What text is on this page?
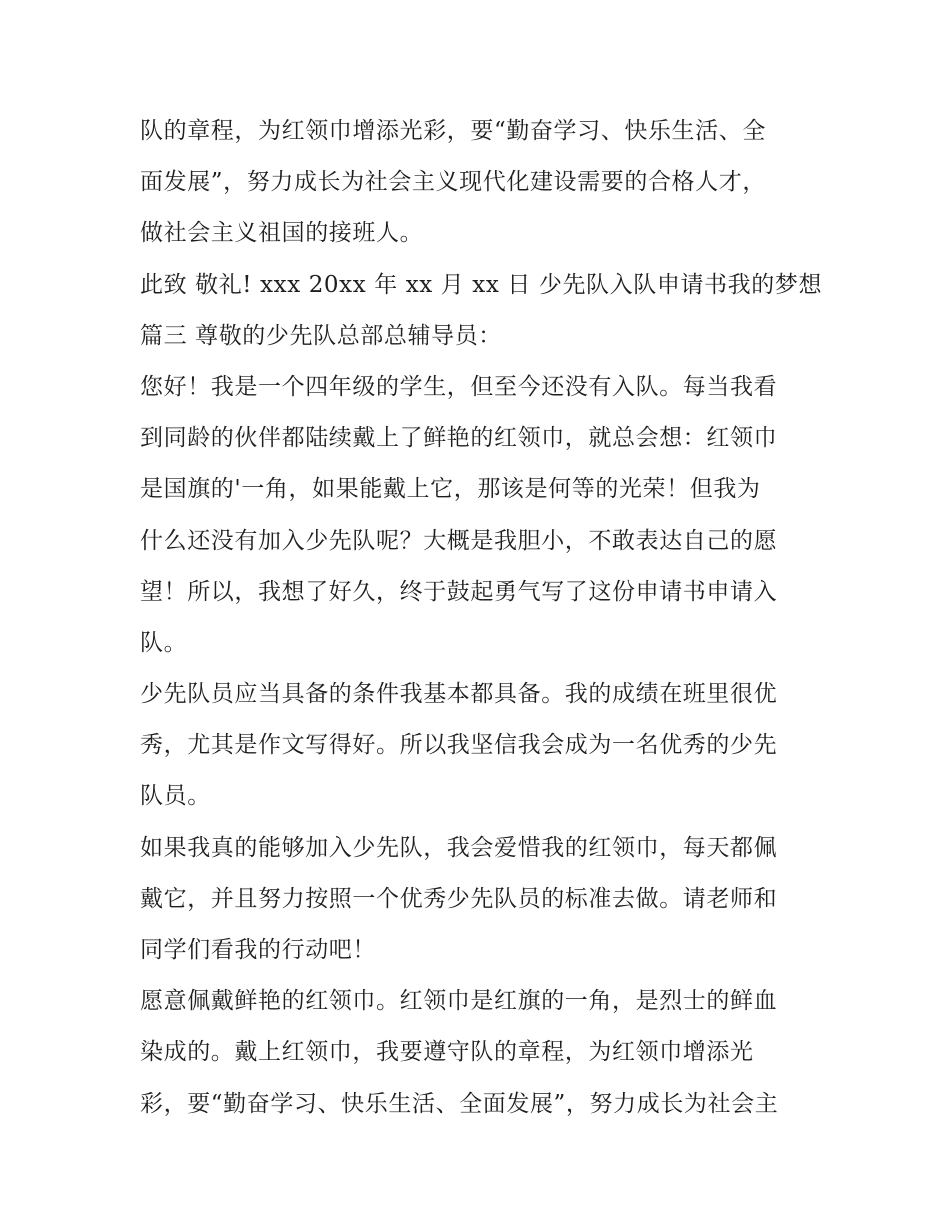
队的章程，为红领巾增添光彩，要“勤奋学习、快乐生活、全
面发展”，努力成长为社会主义现代化建设需要的合格人才，
做社会主义祖国的接班人。
此致 敬礼! xxx 20xx 年 xx 月 xx 日 少先队入队申请书我的梦想
篇三 尊敬的少先队总部总辅导员：
您好！我是一个四年级的学生，但至今还没有入队。每当我看
到同龄的伙伴都陆续戴上了鲜艳的红领巾，就总会想：红领巾
是国旗的'一角，如果能戴上它，那该是何等的光荣！但我为
什么还没有加入少先队呢？大概是我胆小，不敢表达自己的愿
望！所以，我想了好久，终于鼓起勇气写了这份申请书申请入
队。
少先队员应当具备的条件我基本都具备。我的成绩在班里很优
秀，尤其是作文写得好。所以我坚信我会成为一名优秀的少先
队员。
如果我真的能够加入少先队，我会爱惜我的红领巾，每天都佩
戴它，并且努力按照一个优秀少先队员的标准去做。请老师和
同学们看我的行动吧！
愿意佩戴鲜艳的红领巾。红领巾是红旗的一角，是烈士的鲜血
染成的。戴上红领巾，我要遵守队的章程，为红领巾增添光
彩，要“勤奋学习、快乐生活、全面发展”，努力成长为社会主
